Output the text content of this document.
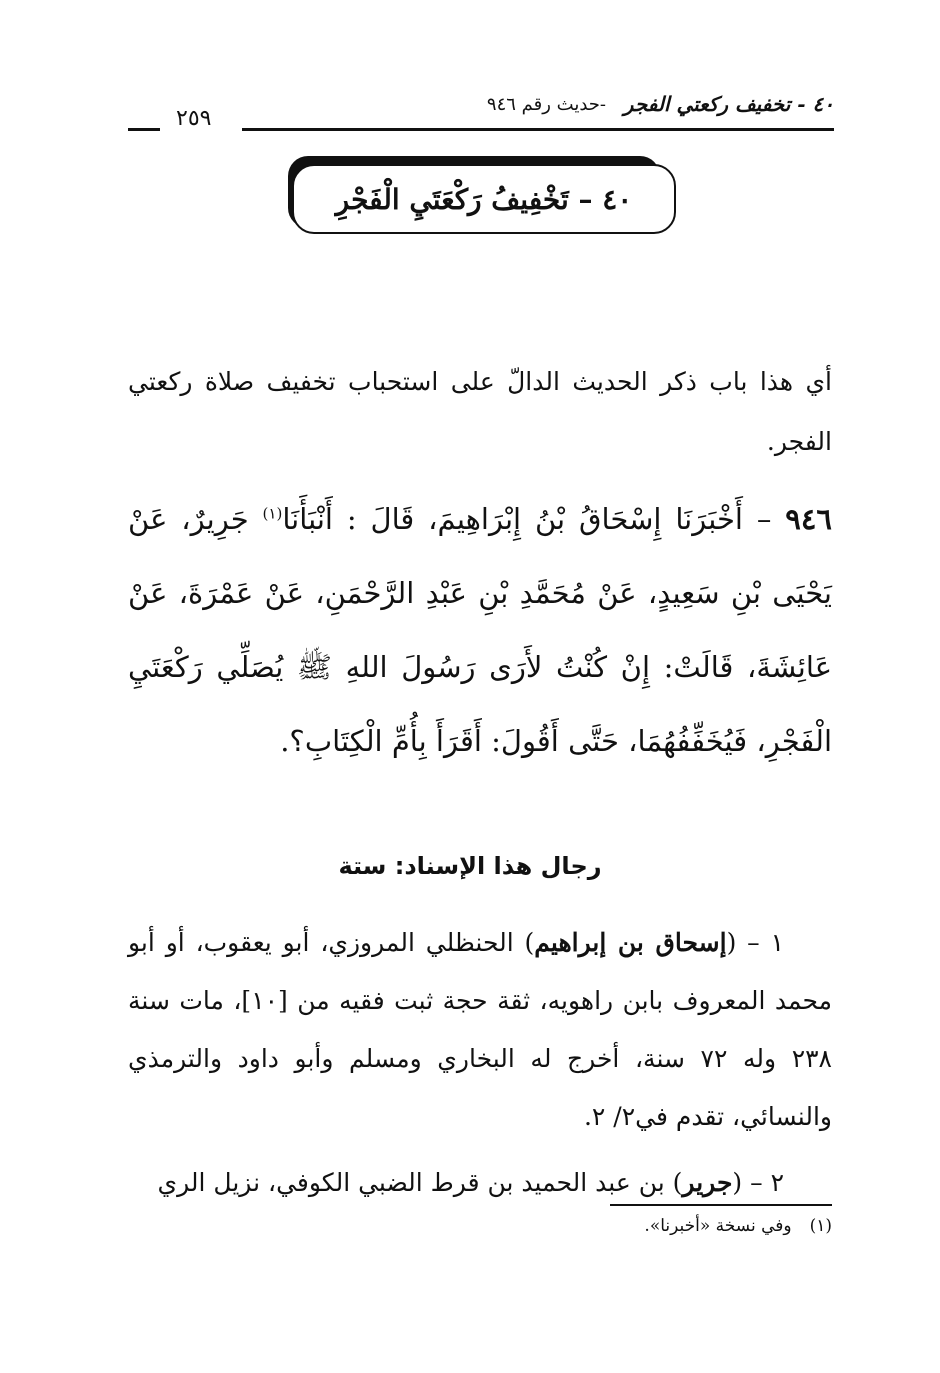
٤٠ - تخفيف ركعتي الفجر
-حديث رقم ٩٤٦
٢٥٩
٤٠ – تَخْفِيفُ رَكْعَتَيِ الْفَجْرِ
أي هذا باب ذكر الحديث الدالّ على استحباب تخفيف صلاة ركعتي الفجر.
٩٤٦ – أَخْبَرَنَا إِسْحَاقُ بْنُ إِبْرَاهِيمَ، قَالَ : أَنْبَأَنَا$^{(١)}$ جَرِيرٌ، عَنْ يَحْيَى بْنِ سَعِيدٍ، عَنْ مُحَمَّدِ بْنِ عَبْدِ الرَّحْمَنِ، عَنْ عَمْرَةَ، عَنْ عَائِشَةَ، قَالَتْ: إِنْ كُنْتُ لأَرَى رَسُولَ اللهِ ﷺ يُصَلِّي رَكْعَتَيِ الْفَجْرِ، فَيُخَفِّفُهُمَا، حَتَّى أَقُولَ: أَقَرَأَ بِأُمِّ الْكِتَابِ؟.
رجال هذا الإسناد: ستة

١ – (إسحاق بن إبراهيم) الحنظلي المروزي، أبو يعقوب، أو أبو محمد المعروف بابن راهويه، ثقة حجة ثبت فقيه من [١٠]، مات سنة ٢٣٨ وله ٧٢ سنة، أخرج له البخاري ومسلم وأبو داود والترمذي والنسائي، تقدم في٢/ ٢.

٢ – (جرير) بن عبد الحميد بن قرط الضبي الكوفي، نزيل الري

(١)وفي نسخة «أخبرنا».
